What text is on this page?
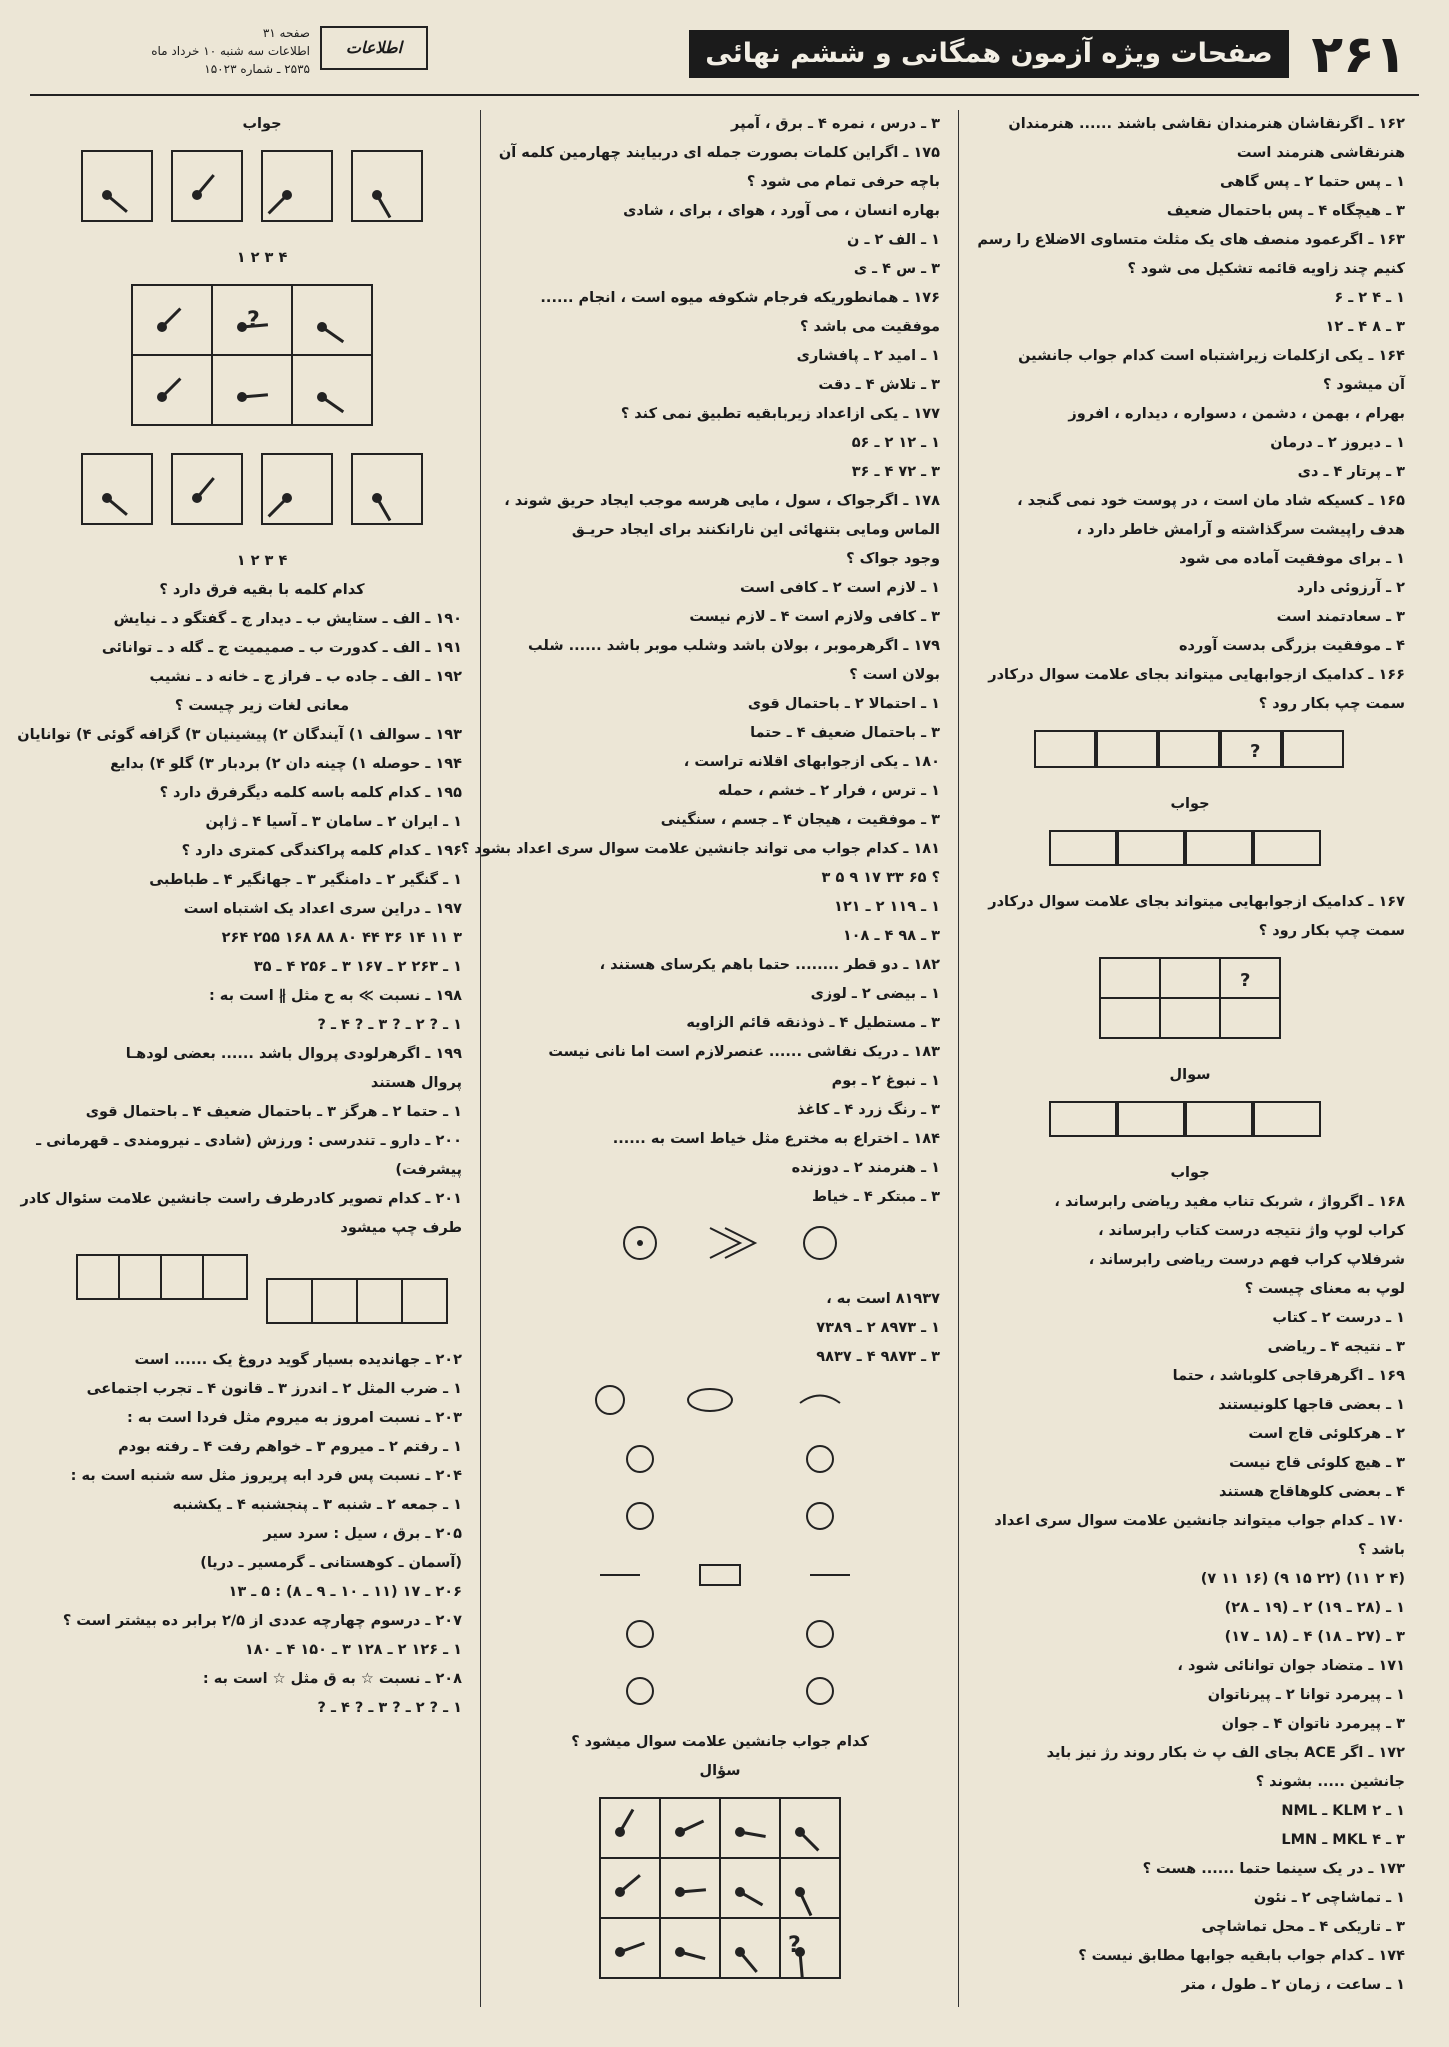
۲۶۱
صفحات ویژه آزمون همگانی و ششم نهائی
اطلاعات
صفحه ۳۱
اطلاعات سه شنبه ۱۰ خرداد ماه
۲۵۳۵ ـ شماره ۱۵۰۲۳
۱۶۲ ـ اگرنقاشان هنرمندان نقاشی باشند ...... هنرمندان
هنرنقاشی هنرمند است
۱ ـ پس حتما ۲ ـ پس گاهی
۳ ـ هیچگاه ۴ ـ پس باحتمال ضعیف
۱۶۳ ـ اگرعمود منصف های یک مثلث متساوی الاضلاع را رسم
کنیم چند زاویه قائمه تشکیل می شود ؟
۱ ـ ۴ ۲ ـ ۶
۳ ـ ۸ ۴ ـ ۱۲
۱۶۴ ـ یکی ازکلمات زیراشتباه است کدام جواب جانشین
آن میشود ؟
بهرام ، بهمن ، دشمن ، دسواره ، دیداره ، افروز
۱ ـ دیروز ۲ ـ درمان
۳ ـ پرتار ۴ ـ دی
۱۶۵ ـ کسیکه شاد مان است ، در پوست خود نمی گنجد ،
هدف راپیشت سرگذاشته و آرامش خاطر دارد ،
۱ ـ برای موفقیت آماده می شود
۲ ـ آرزوئی دارد
۳ ـ سعادتمند است
۴ ـ موفقیت بزرگی بدست آورده
۱۶۶ ـ کدامیک ازجوابهایی میتواند بجای علامت سوال درکادر
سمت چپ بکار رود ؟
?
جواب
۱۶۷ ـ کدامیک ازجوابهایی میتواند بجای علامت سوال درکادر
سمت چپ بکار رود ؟
?
سوال
جواب
۱۶۸ ـ اگرواژ ، شربک تناب مفید ریاضی رابرساند ،
کراب لوپ واژ نتیجه درست کتاب رابرساند ،
شرفلاپ کراب فهم درست ریاضی رابرساند ،
لوپ به معنای چیست ؟
۱ ـ درست ۲ ـ کتاب
۳ ـ نتیجه ۴ ـ ریاضی
۱۶۹ ـ اگرهرقاجی کلوباشد ، حتما
۱ ـ بعضی قاجها کلونیستند
۲ ـ هرکلوئی قاج است
۳ ـ هیچ کلوئی قاج نیست
۴ ـ بعضی کلوهاقاج هستند
۱۷۰ ـ کدام جواب میتواند جانشین علامت سوال سری اعداد
باشد ؟
(۴ ۲ ۱۱) (۲۲ ۱۵ ۹) (۱۶ ۱۱ ۷)
۱ ـ (۲۸ ـ ۱۹) ۲ ـ (۱۹ ـ ۲۸)
۳ ـ (۲۷ ـ ۱۸) ۴ ـ (۱۸ ـ ۱۷)
۱۷۱ ـ متضاد جوان توانائی شود ،
۱ ـ پیرمرد توانا ۲ ـ پیرناتوان
۳ ـ پیرمرد ناتوان ۴ ـ جوان
۱۷۲ ـ اگر ACE بجای الف پ ث بکار روند رژ نیز باید
جانشین ..... بشوند ؟
۱ ـ KLM ۲ ـ NML
۳ ـ MKL ۴ ـ LMN
۱۷۳ ـ در یک سینما حتما ...... هست ؟
۱ ـ تماشاچی ۲ ـ نئون
۳ ـ تاریکی ۴ ـ محل تماشاچی
۱۷۴ ـ کدام جواب بابقیه جوابها مطابق نیست ؟
۱ ـ ساعت ، زمان ۲ ـ طول ، متر
۳ ـ درس ، نمره ۴ ـ برق ، آمپر
۱۷۵ ـ اگراین کلمات بصورت جمله ای دربیایند چهارمین کلمه آن
باچه حرفی تمام می شود ؟
بهاره انسان ، می آورد ، هوای ، برای ، شادی
۱ ـ الف ۲ ـ ن
۳ ـ س ۴ ـ ی
۱۷۶ ـ همانطوریکه فرجام شکوفه میوه است ، انجام ......
موفقیت می باشد ؟
۱ ـ امید ۲ ـ پافشاری
۳ ـ تلاش ۴ ـ دقت
۱۷۷ ـ یکی ازاعداد زیربابقیه تطبیق نمی کند ؟
۱ ـ ۱۲ ۲ ـ ۵۶
۳ ـ ۷۲ ۴ ـ ۳۶
۱۷۸ ـ اگرجواک ، سول ، مایی هرسه موجب ایجاد حریق شوند ،
الماس ومایی بتنهائی این نارانکنند برای ایجاد حریـق
وجود جواک ؟
۱ ـ لازم است ۲ ـ کافی است
۳ ـ کافی ولازم است ۴ ـ لازم نیست
۱۷۹ ـ اگرهرموبر ، بولان باشد وشلب موبر باشد ...... شلب
بولان است ؟
۱ ـ احتمالا ۲ ـ باحتمال قوی
۳ ـ باحتمال ضعیف ۴ ـ حتما
۱۸۰ ـ یکی ازجوابهای اقلانه تراست ،
۱ ـ ترس ، فرار ۲ ـ خشم ، حمله
۳ ـ موفقیت ، هیجان ۴ ـ جسم ، سنگینی
۱۸۱ ـ کدام جواب می تواند جانشین علامت سوال سری اعداد بشود ؟
؟ ۶۵ ۳۳ ۱۷ ۹ ۵ ۳
۱ ـ ۱۱۹ ۲ ـ ۱۲۱
۳ ـ ۹۸ ۴ ـ ۱۰۸
۱۸۲ ـ دو قطر ........ حتما باهم یکرسای هستند ،
۱ ـ بیضی ۲ ـ لوزی
۳ ـ مستطیل ۴ ـ ذوذنقه قائم الزاویه
۱۸۳ ـ دریک نقاشی ...... عنصرلازم است اما نانی نیست
۱ ـ نبوغ ۲ ـ بوم
۳ ـ رنگ زرد ۴ ـ کاغذ
۱۸۴ ـ اختراع به مخترع مثل خیاط است به ......
۱ ـ هنرمند ۲ ـ دوزنده
۳ ـ مبتکر ۴ ـ خیاط
۸۱۹۳۷ است به ،
۱ ـ ۸۹۷۳ ۲ ـ ۷۳۸۹
۳ ـ ۹۸۷۳ ۴ ـ ۹۸۳۷
کدام جواب جانشین علامت سوال میشود ؟
سؤال
?
جواب
۴ ۳ ۲ ۱
?
۴ ۳ ۲ ۱
کدام کلمه با بقیه فرق دارد ؟
۱۹۰ ـ الف ـ ستایش ب ـ دیدار ج ـ گفتگو د ـ نیایش
۱۹۱ ـ الف ـ کدورت ب ـ صمیمیت ج ـ گله د ـ توانائی
۱۹۲ ـ الف ـ جاده ب ـ فراز ج ـ خانه د ـ نشیب
معانی لغات زیر چیست ؟
۱۹۳ ـ سوالف ۱) آیندگان ۲) پیشینیان ۳) گزافه گوئی ۴) توانایان
۱۹۴ ـ حوصله ۱) چینه دان ۲) بردبار ۳) گلو ۴) بدایع
۱۹۵ ـ کدام کلمه باسه کلمه دیگرفرق دارد ؟
۱ ـ ایران ۲ ـ سامان ۳ ـ آسیا ۴ ـ ژاپن
۱۹۶ ـ کدام کلمه پراکندگی کمتری دارد ؟
۱ ـ گنگیر ۲ ـ دامنگیر ۳ ـ جهانگیر ۴ ـ طباطبی
۱۹۷ ـ دراین سری اعداد یک اشتباه است
۳ ۱۱ ۱۴ ۳۶ ۴۴ ۸۰ ۸۸ ۱۶۸ ۲۵۵ ۲۶۴
۱ ـ ۲۶۳ ۲ ـ ۱۶۷ ۳ ـ ۲۵۶ ۴ ـ ۳۵
۱۹۸ ـ نسبت ≫ به ح مثل ∦ است به :
۱ ـ ? ۲ ـ ? ۳ ـ ? ۴ ـ ?
۱۹۹ ـ اگرهرلودی پروال باشد ...... بعضی لودهـا
پروال هستند
۱ ـ حتما ۲ ـ هرگز ۳ ـ باحتمال ضعیف ۴ ـ باحتمال قوی
۲۰۰ ـ دارو ـ تندرسی : ورزش (شادی ـ نیرومندی ـ قهرمانی ـ
پیشرفت)
۲۰۱ ـ کدام تصویر کادرطرف راست جانشین علامت سئوال کادر
طرف چپ میشود
۲۰۲ ـ جهاندیده بسیار گوید دروغ یک ...... است
۱ ـ ضرب المثل ۲ ـ اندرز ۳ ـ قانون ۴ ـ تجرب اجتماعی
۲۰۳ ـ نسبت امروز به میروم مثل فردا است به :
۱ ـ رفتم ۲ ـ میروم ۳ ـ خواهم رفت ۴ ـ رفته بودم
۲۰۴ ـ نسبت پس فرد ابه پریروز مثل سه شنبه است به :
۱ ـ جمعه ۲ ـ شنبه ۳ ـ پنجشنبه ۴ ـ یکشنبه
۲۰۵ ـ برق ، سیل : سرد سیر
(آسمان ـ کوهستانی ـ گرمسیر ـ دریا)
۲۰۶ ـ ۱۷ (۱۱ ـ ۱۰ ـ ۹ ـ ۸) : ۵ ـ ۱۳
۲۰۷ ـ درسوم چهارچه عددی از ۲/۵ برابر ده بیشتر است ؟
۱ ـ ۱۲۶ ۲ ـ ۱۲۸ ۳ ـ ۱۵۰ ۴ ـ ۱۸۰
۲۰۸ ـ نسبت ☆ به ق مثل ☆ است به :
۱ ـ ? ۲ ـ ? ۳ ـ ? ۴ ـ ?
